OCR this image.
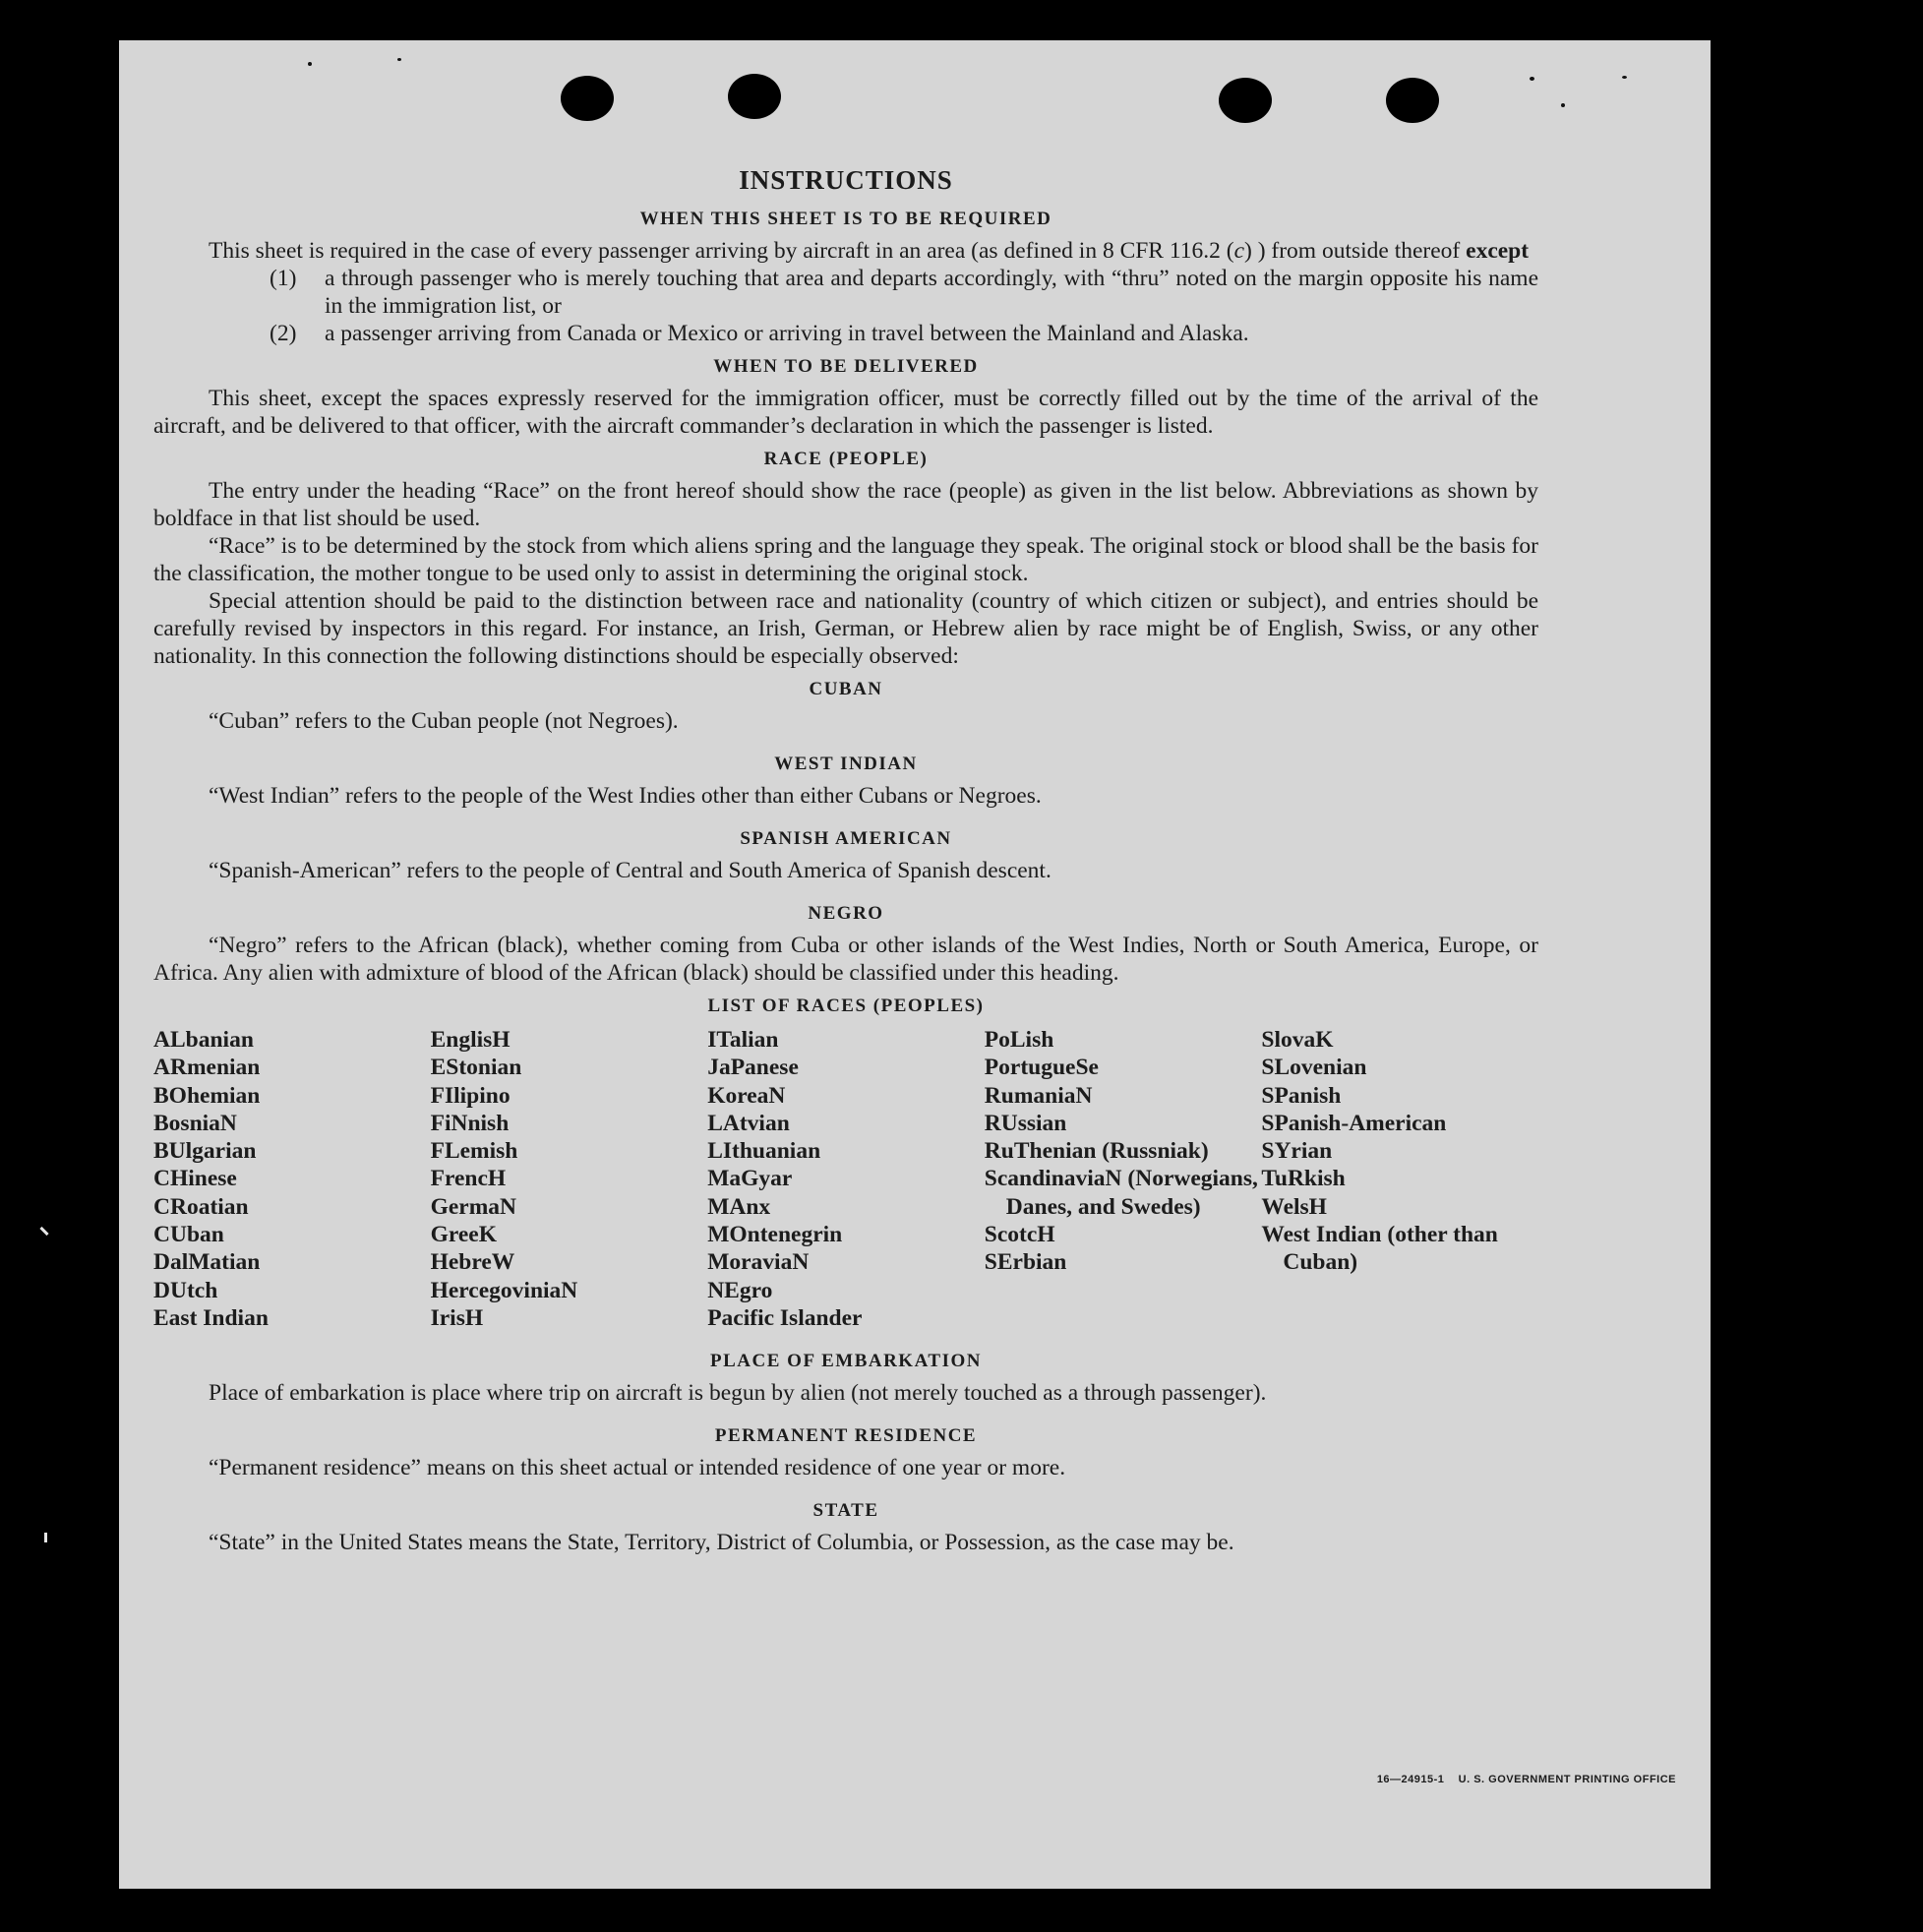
INSTRUCTIONS
WHEN THIS SHEET IS TO BE REQUIRED

This sheet is required in the case of every passenger arriving by aircraft in an area (as defined in 8 CFR 116.2 (c) ) from outside thereof except

(1)	a through passenger who is merely touching that area and departs accordingly, with “thru” noted on the margin opposite his name in the immigration list, or
(2)	a passenger arriving from Canada or Mexico or arriving in travel between the Mainland and Alaska.
WHEN TO BE DELIVERED

This sheet, except the spaces expressly reserved for the immigration officer, must be correctly filled out by the time of the arrival of the aircraft, and be delivered to that officer, with the aircraft commander’s declaration in which the passenger is listed.

RACE (PEOPLE)

The entry under the heading “Race” on the front hereof should show the race (people) as given in the list below. Abbreviations as shown by boldface in that list should be used.

“Race” is to be determined by the stock from which aliens spring and the language they speak. The original stock or blood shall be the basis for the classification, the mother tongue to be used only to assist in determining the original stock.

Special attention should be paid to the distinction between race and nationality (country of which citizen or subject), and entries should be carefully revised by inspectors in this regard. For instance, an Irish, German, or Hebrew alien by race might be of English, Swiss, or any other nationality. In this connection the following distinctions should be especially observed:

CUBAN

“Cuban” refers to the Cuban people (not Negroes).

WEST INDIAN

“West Indian” refers to the people of the West Indies other than either Cubans or Negroes.

SPANISH AMERICAN

“Spanish-American” refers to the people of Central and South America of Spanish descent.

NEGRO

“Negro” refers to the African (black), whether coming from Cuba or other islands of the West Indies, North or South America, Europe, or Africa. Any alien with admixture of blood of the African (black) should be classified under this heading.

LIST OF RACES (PEOPLES)
ALbanian
ARmenian
BOhemian
BosniaN
BUlgarian
CHinese
CRoatian
CUban
DalMatian
DUtch
East Indian
EnglisH
EStonian
FIlipino
FiNnish
FLemish
FrencH
GermaN
GreeK
HebreW
HercegoviniaN
IrisH
ITalian
JaPanese
KoreaN
LAtvian
LIthuanian
MaGyar
MAnx
MOntenegrin
MoraviaN
NEgro
Pacific Islander
PoLish
PortugueSe
RumaniaN
RUssian
RuThenian (Russniak)
ScandinaviaN (Norwegians, Danes, and Swedes)
ScotcH
SErbian
SlovaK
SLovenian
SPanish
SPanish-American
SYrian
TuRkish
WelsH
West Indian (other than Cuban)
PLACE OF EMBARKATION

Place of embarkation is place where trip on aircraft is begun by alien (not merely touched as a through passenger).

PERMANENT RESIDENCE

“Permanent residence” means on this sheet actual or intended residence of one year or more.

STATE

“State” in the United States means the State, Territory, District of Columbia, or Possession, as the case may be.

16—24915-1 U. S. GOVERNMENT PRINTING OFFICE
